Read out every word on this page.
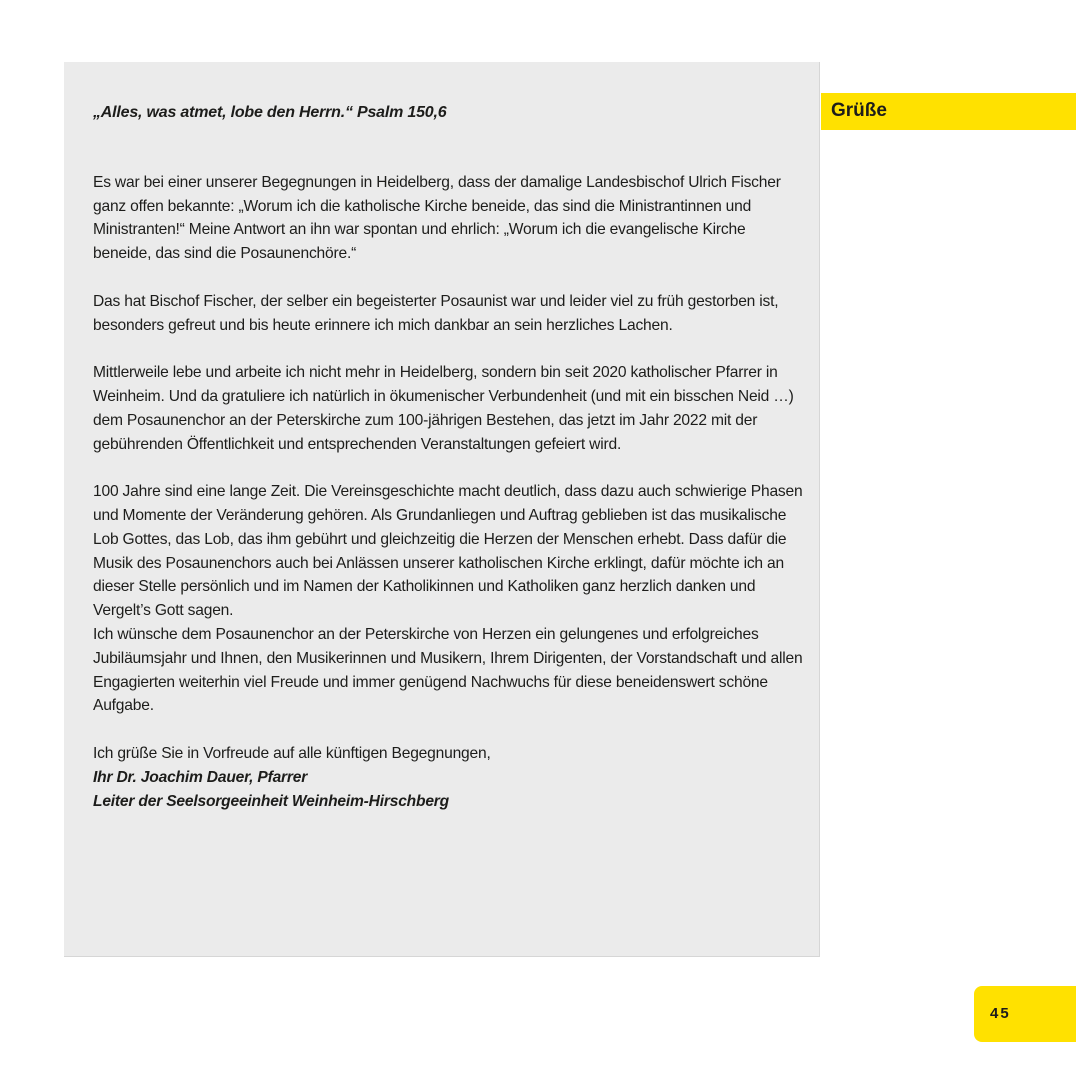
„Alles, was atmet, lobe den Herrn.“ Psalm 150,6

Es war bei einer unserer Begegnungen in Heidelberg, dass der damalige Landesbischof Ulrich Fischer ganz offen bekannte: „Worum ich die katholische Kirche beneide, das sind die Ministrantinnen und Ministranten!“ Meine Antwort an ihn war spontan und ehrlich: „Worum ich die evangelische Kirche beneide, das sind die Posaunenchöre.“

Das hat Bischof Fischer, der selber ein begeisterter Posaunist war und leider viel zu früh gestorben ist, besonders gefreut und bis heute erinnere ich mich dankbar an sein herzliches Lachen.

Mittlerweile lebe und arbeite ich nicht mehr in Heidelberg, sondern bin seit 2020 katholischer Pfarrer in Weinheim. Und da gratuliere ich natürlich in ökumenischer Verbundenheit (und mit ein bisschen Neid …) dem Posaunenchor an der Peterskirche zum 100-jährigen Bestehen, das jetzt im Jahr 2022 mit der gebührenden Öffentlichkeit und entsprechenden Veranstaltungen gefeiert wird.

100 Jahre sind eine lange Zeit. Die Vereinsgeschichte macht deutlich, dass dazu auch schwierige Phasen und Momente der Veränderung gehören. Als Grundanliegen und Auftrag geblieben ist das musikalische Lob Gottes, das Lob, das ihm gebührt und gleichzeitig die Herzen der Menschen erhebt. Dass dafür die Musik des Posaunenchors auch bei Anlässen unserer katholischen Kirche erklingt, dafür möchte ich an dieser Stelle persönlich und im Namen der Katholikinnen und Katholiken ganz herzlich danken und Vergelt’s Gott sagen.

Ich wünsche dem Posaunenchor an der Peterskirche von Herzen ein gelungenes und erfolgreiches Jubiläumsjahr und Ihnen, den Musikerinnen und Musikern, Ihrem Dirigenten, der Vorstandschaft und allen Engagierten weiterhin viel Freude und immer genügend Nachwuchs für diese beneidenswert schöne Aufgabe.

Ich grüße Sie in Vorfreude auf alle künftigen Begegnungen,
Ihr Dr. Joachim Dauer, Pfarrer
Leiter der Seelsorgeeinheit Weinheim-Hirschberg

Grüße
45
